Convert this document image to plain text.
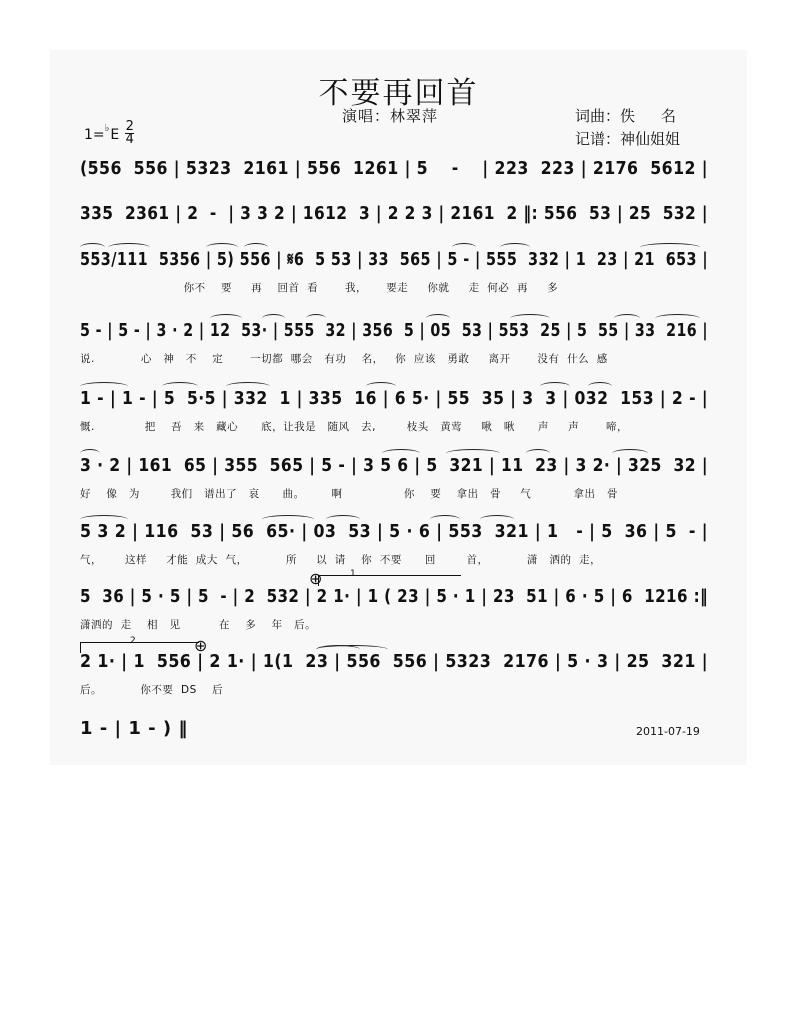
不要再回首
演唱：林翠萍	词曲：佚 名
记谱：神仙姐姐
1= ♭ E
2
4
(556  556 | 5323  2161 | 556  1261 | 5    -    | 223  223 | 2176  5612 |
335  2361 | 2  -  | 3 3 2 | 1612  3 | 2 2 3 | 2161  2 ‖: 556  53 | 25  532 |
553/111  5356 | 5) 556 | 𝄋6  5 53 | 33  565 | 5 - | 555  332 | 1  23 | 21  653 |
你不    要     再    回首  看       我，     要走     你就     走  何必  再     多
5 - | 5 - | 3 · 2 | 12  53· | 555  32 | 356  5 | 05  53 | 553  25 | 5  55 | 33  216 |
说.            心   神   不    定       一切都  哪会   有功    名，   你  应该   勇敢     离开       没有  什么  感
1 - | 1 - | 5  5·5 | 332  1 | 335  16 | 6 5· | 55  35 | 3  3 | 032  153 | 2 - |
慨.             把    吾   来   藏心      底，让我是   随风   去,        枝头   黄莺     啾   啾      声     声       啼，
3 · 2 | 161  65 | 355  565 | 5 - | 3 5 6 | 5  321 | 11  23 | 3 2· | 325  32 |
好    像   为        我们   谱出了   哀      曲。       啊                你    要    拿出   骨     气           拿出   骨
5 3 2 | 116  53 | 56  65· | 03  53 | 5 · 6 | 553  321 | 1   - | 5  36 | 5  - |
气，      这样     才能  成大  气，          所     以  请    你  不要      回        首，          潇   洒的  走，
5  36 | 5 · 5 | 5  - | 2  532 | 2 1· | 1 ( 23 | 5 · 1 | 23  51 | 6 · 5 | 6  1216 :‖
潇洒的  走    相   见          在    多    年   后。
2 1· | 1  556 | 2 1· | 1(1  23 | 556  556 | 5323  2176 | 5 · 3 | 25  321 |
后。          你不要  DS    后
1 - | 1 - ) ‖
1
2
⊕
⊕
2011-07-19
